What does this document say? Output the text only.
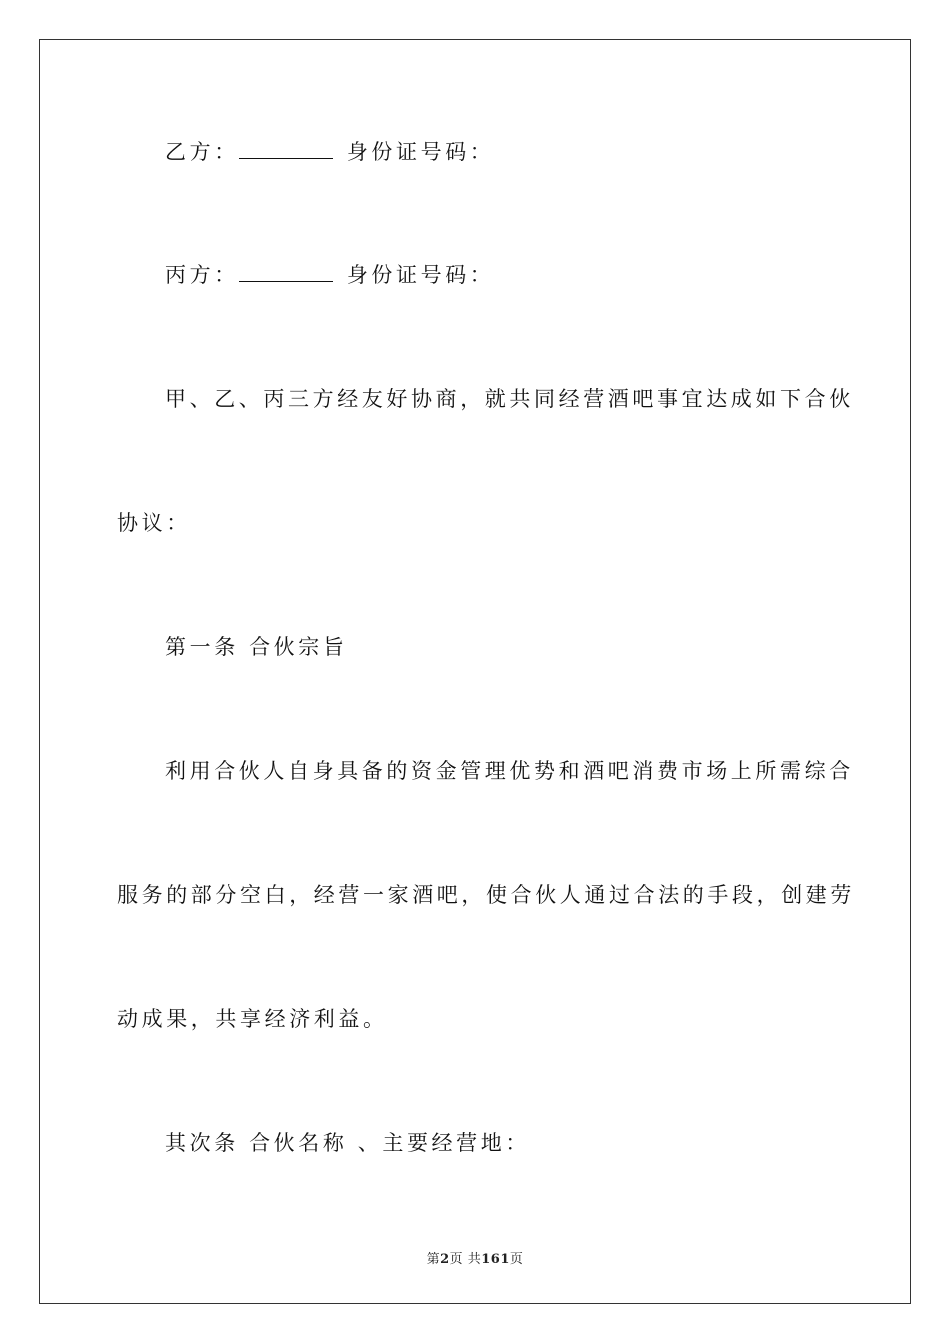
乙方：	身份证号码：
丙方：	身份证号码：
甲、乙、丙三方经友好协商，就共同经营酒吧事宜达成如下合伙
协议：
第一条 合伙宗旨
利用合伙人自身具备的资金管理优势和酒吧消费市场上所需综合
服务的部分空白，经营一家酒吧，使合伙人通过合法的手段，创建劳
动成果，共享经济利益。
其次条 合伙名称 、主要经营地：
第2页 共161页
